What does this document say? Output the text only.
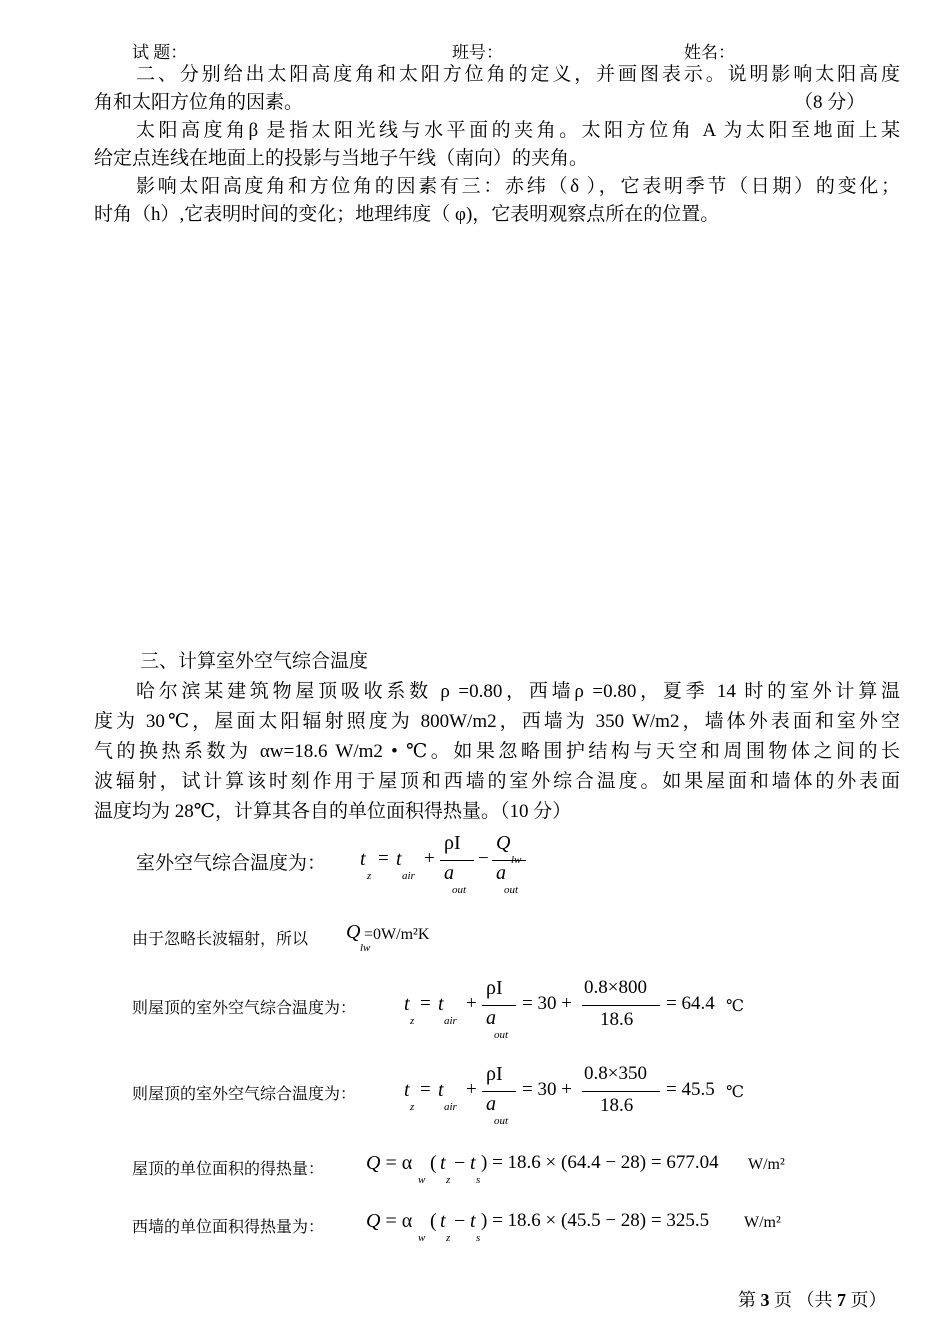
试 题：	班号：	姓名：
二、分别给出太阳高度角和太阳方位角的定义，并画图表示。说明影响太阳高度
角和太阳方位角的因素。	（8 分）
太阳高度角β 是指太阳光线与水平面的夹角。太阳方位角 A 为太阳至地面上某
给定点连线在地面上的投影与当地子午线（南向）的夹角。
影响太阳高度角和方位角的因素有三：赤纬（δ ），它表明季节（日期）的变化；
时角（h）,它表明时间的变化；地理纬度（ φ)，它表明观察点所在的位置。
三、计算室外空气综合温度
哈尔滨某建筑物屋顶吸收系数 ρ =0.80，西墙ρ =0.80，夏季 14 时的室外计算温
度为 30℃，屋面太阳辐射照度为 800W/m2，西墙为 350 W/m2，墙体外表面和室外空
气的换热系数为 αw=18.6 W/m2 • ℃。如果忽略围护结构与天空和周围物体之间的长
波辐射，试计算该时刻作用于屋顶和西墙的室外综合温度。如果屋面和墙体的外表面
温度均为 28℃，计算其各自的单位面积得热量。（10 分）
室外空气综合温度为： t
z
= t
air
+
ρI
a
out
−
Q
lw
a
out
由于忽略长波辐射，所以 Q
lw
=0W/m²K
则屋顶的室外空气综合温度为： t
z
= t
air
+
ρI
a
out
= 30 +
0.8×800
18.6
= 64.4 ℃
则屋顶的室外空气综合温度为： t
z
= t
air
+
ρI
a
out
= 30 +
0.8×350
18.6
= 45.5 ℃
屋顶的单位面积的得热量： Q = α
w
( t
z
− t
s
) = 18.6 × (64.4 − 28) = 677.04 W/m²
西墙的单位面积得热量为： Q = α
w
( t
z
− t
s
) = 18.6 × (45.5 − 28) = 325.5 W/m²
第 3 页 （共 7 页）
